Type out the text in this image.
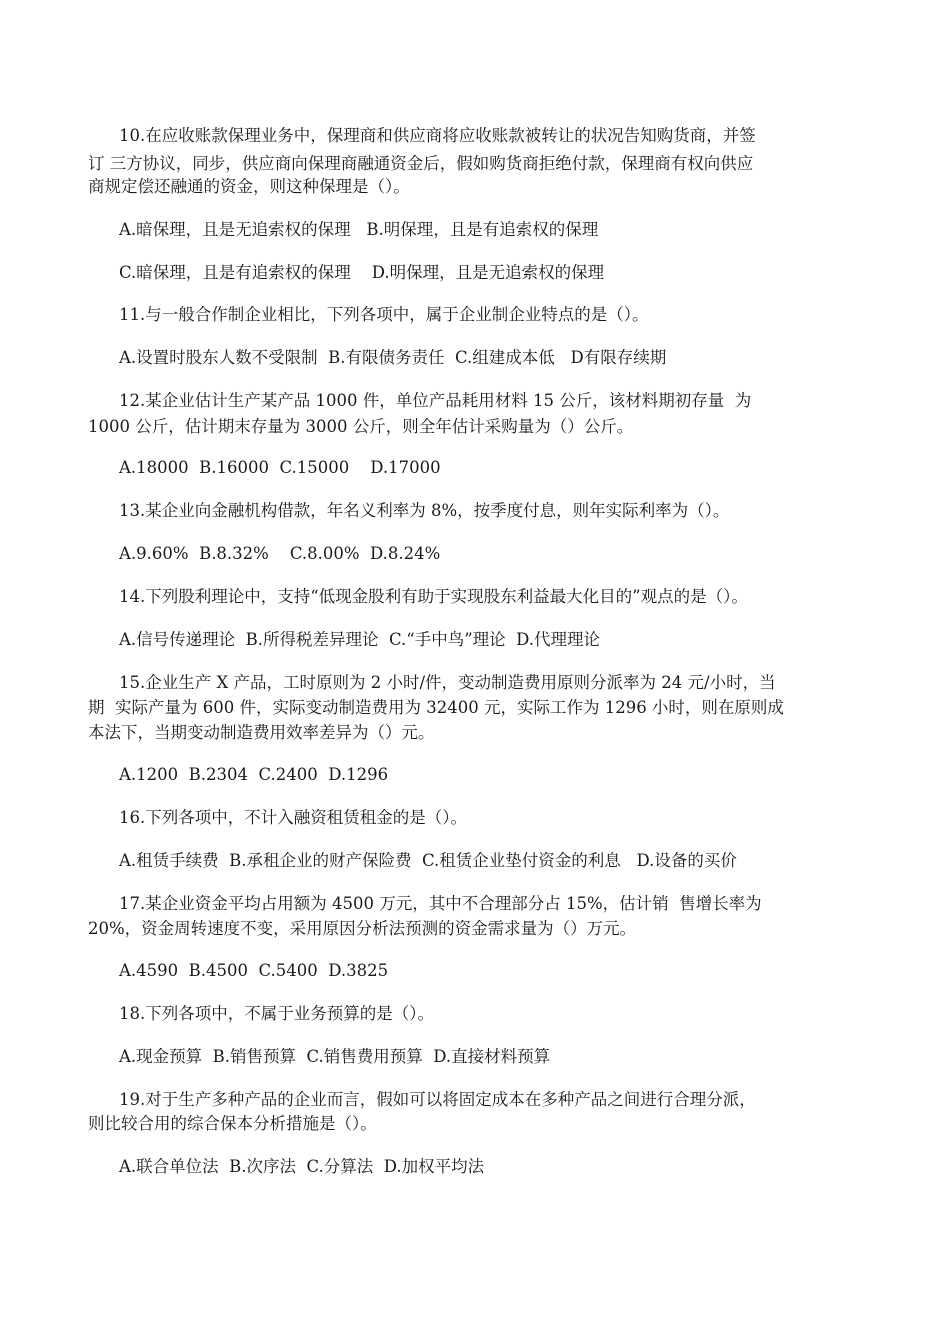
10.在应收账款保理业务中，保理商和供应商将应收账款被转让的状况告知购货商，并签
订 三方协议，同步，供应商向保理商融通资金后，假如购货商拒绝付款，保理商有权向供应
商规定偿还融通的资金，则这种保理是（）。
A.暗保理，且是无追索权的保理   B.明保理，且是有追索权的保理
C.暗保理，且是有追索权的保理    D.明保理，且是无追索权的保理
11.与一般合作制企业相比，下列各项中，属于企业制企业特点的是（）。
A.设置时股东人数不受限制  B.有限债务责任  C.组建成本低   D有限存续期
12.某企业估计生产某产品 1000 件，单位产品耗用材料 15 公斤，该材料期初存量  为
1000 公斤，估计期末存量为 3000 公斤，则全年估计采购量为（）公斤。
A.18000  B.16000  C.15000    D.17000
13.某企业向金融机构借款，年名义利率为 8%，按季度付息，则年实际利率为（）。
A.9.60%  B.8.32%    C.8.00%  D.8.24%
14.下列股利理论中，支持“低现金股利有助于实现股东利益最大化目的”观点的是（）。
A.信号传递理论  B.所得税差异理论  C.“手中鸟”理论  D.代理理论
15.企业生产 X 产品，工时原则为 2 小时/件，变动制造费用原则分派率为 24 元/小时，当
期  实际产量为 600 件，实际变动制造费用为 32400 元，实际工作为 1296 小时，则在原则成
本法下，当期变动制造费用效率差异为（）元。
A.1200  B.2304  C.2400  D.1296
16.下列各项中，不计入融资租赁租金的是（）。
A.租赁手续费  B.承租企业的财产保险费  C.租赁企业垫付资金的利息   D.设备的买价
17.某企业资金平均占用额为 4500 万元，其中不合理部分占 15%，估计销  售增长率为
20%，资金周转速度不变，采用原因分析法预测的资金需求量为（）万元。
A.4590  B.4500  C.5400  D.3825
18.下列各项中，不属于业务预算的是（）。
A.现金预算  B.销售预算  C.销售费用预算  D.直接材料预算
19.对于生产多种产品的企业而言，假如可以将固定成本在多种产品之间进行合理分派，
则比较合用的综合保本分析措施是（）。
A.联合单位法  B.次序法  C.分算法  D.加权平均法
